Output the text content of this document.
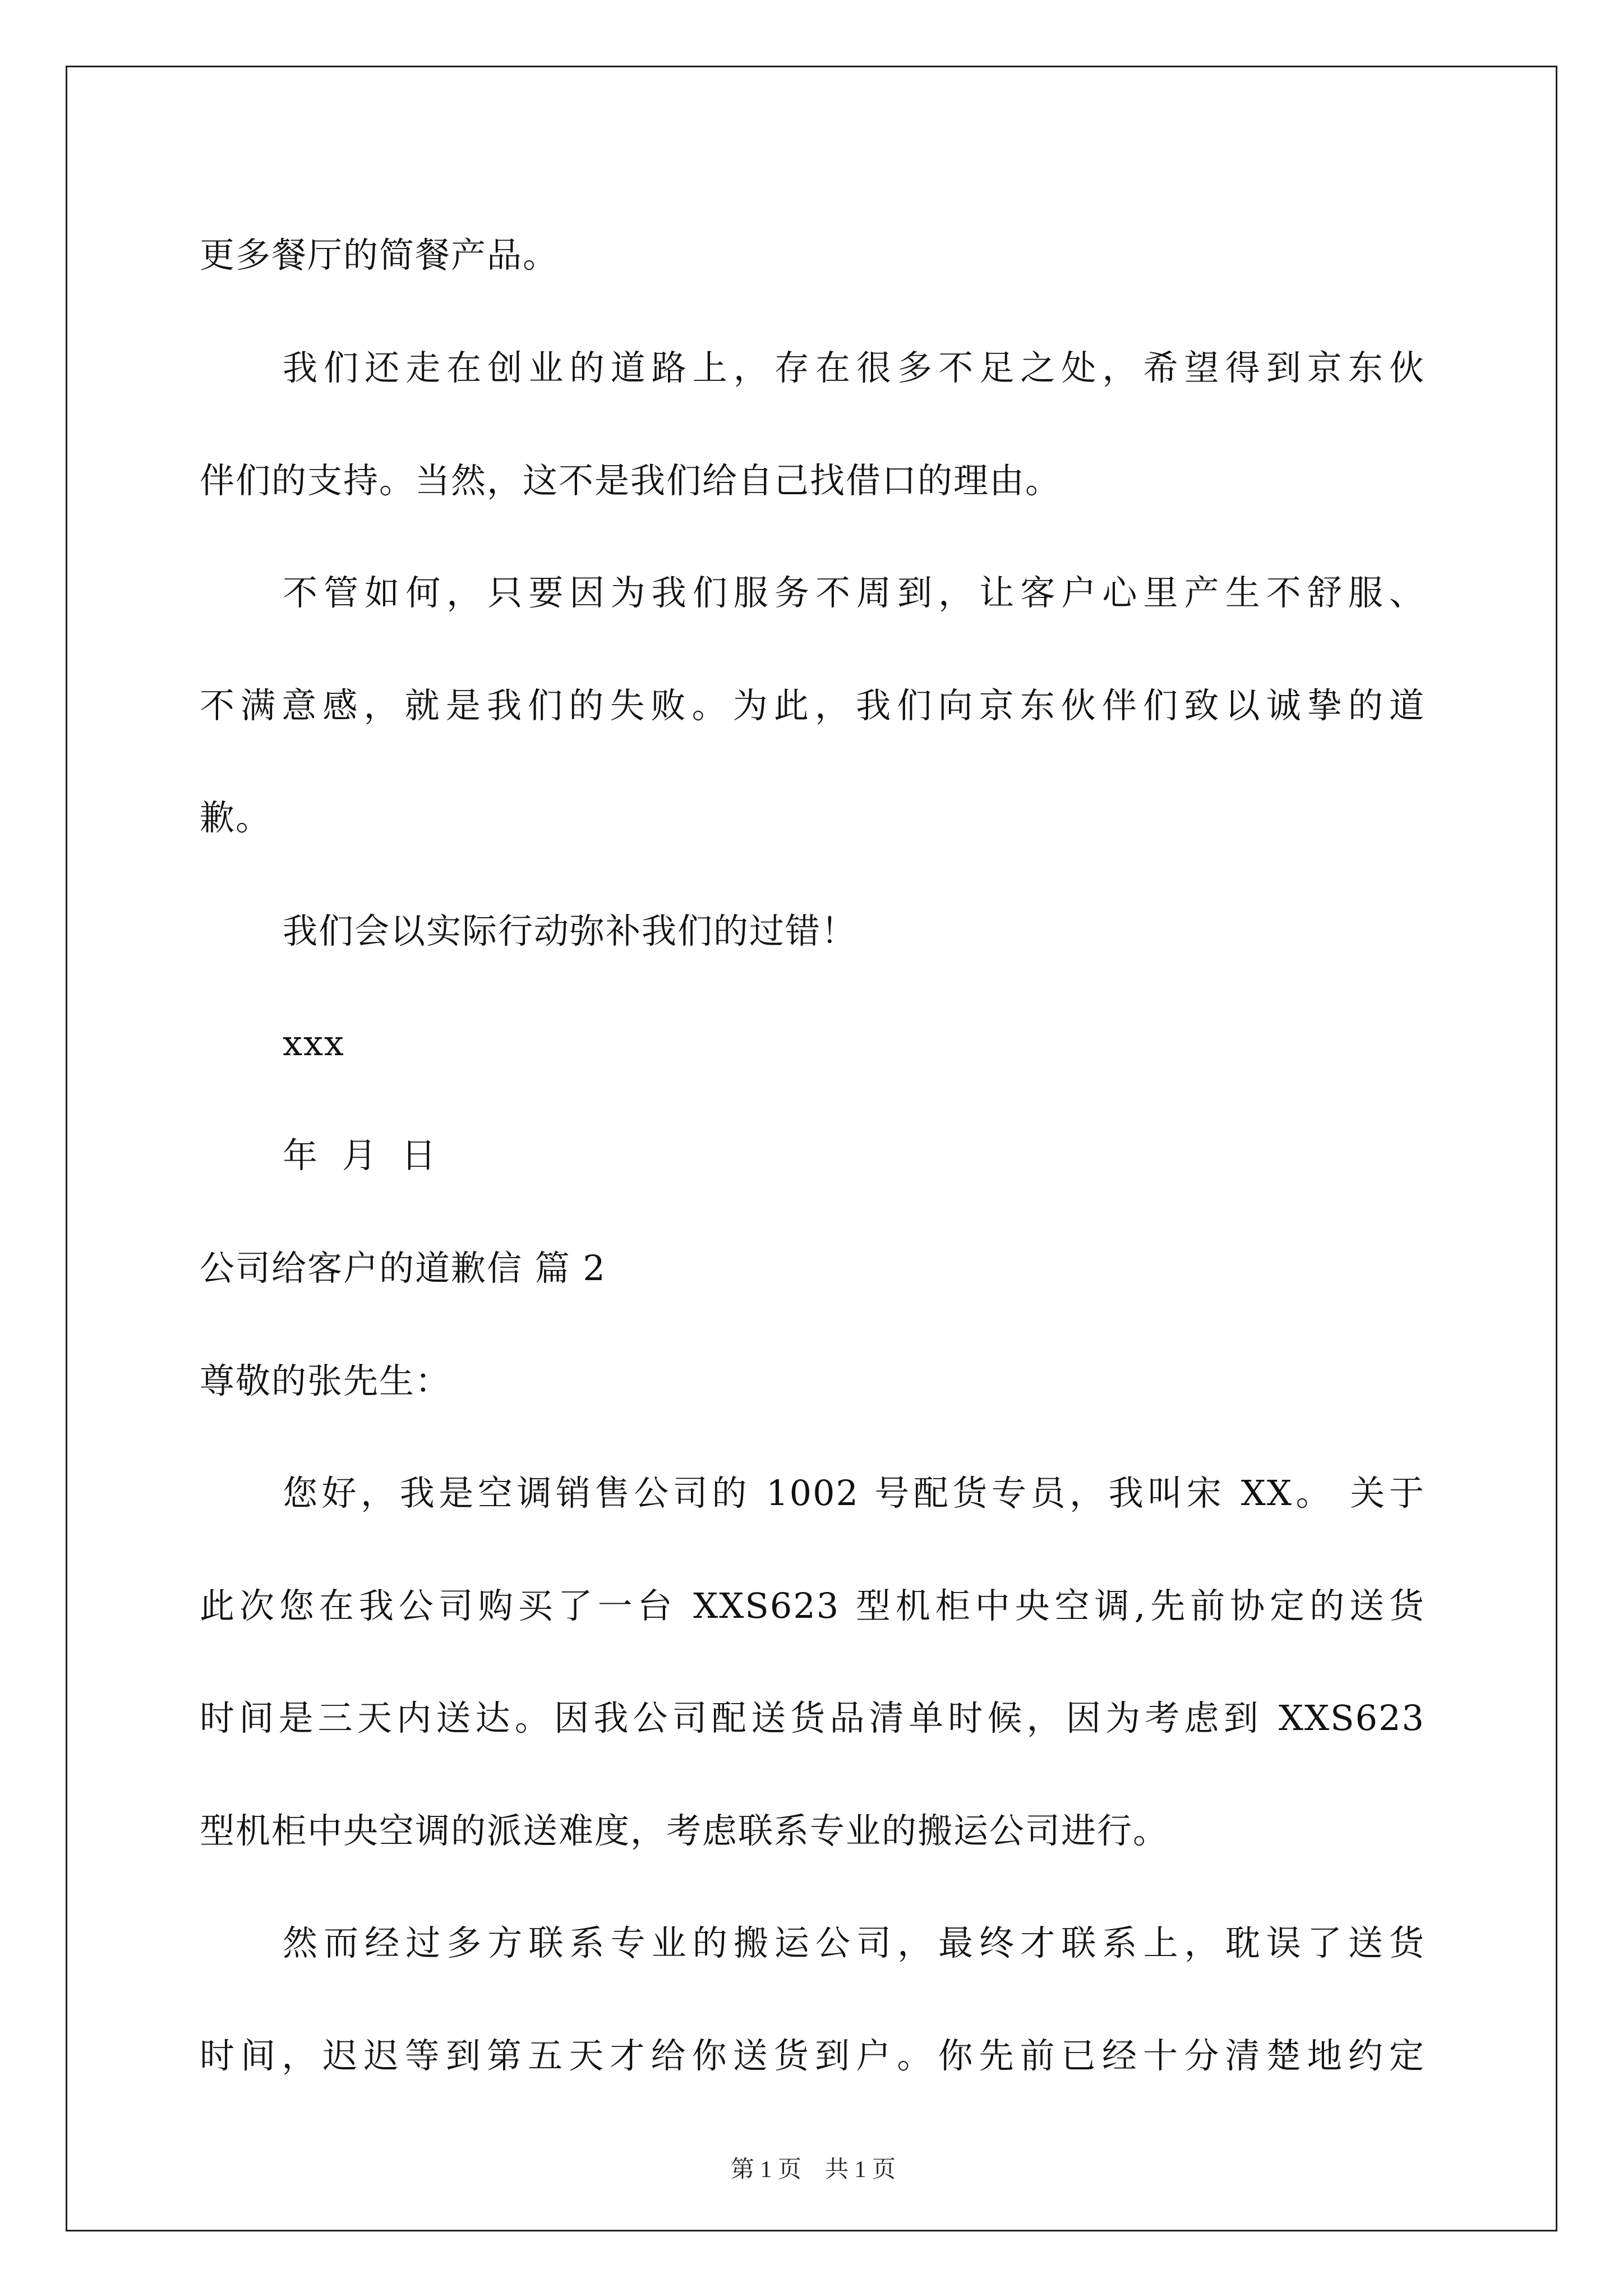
更多餐厅的简餐产品。
我们还走在创业的道路上，存在很多不足之处，希望得到京东伙
伴们的支持。当然，这不是我们给自己找借口的理由。
不管如何，只要因为我们服务不周到，让客户心里产生不舒服、
不满意感，就是我们的失败。为此，我们向京东伙伴们致以诚挚的道
歉。
我们会以实际行动弥补我们的过错！
xxx
年 月 日
公司给客户的道歉信 篇 2
尊敬的张先生：
您好，我是空调销售公司的 1002 号配货专员，我叫宋 XX。 关于
此次您在我公司购买了一台 XXS623 型机柜中央空调,先前协定的送货
时间是三天内送达。因我公司配送货品清单时候，因为考虑到 XXS623
型机柜中央空调的派送难度，考虑联系专业的搬运公司进行。
然而经过多方联系专业的搬运公司，最终才联系上，耽误了送货
时间，迟迟等到第五天才给你送货到户。你先前已经十分清楚地约定
第 1 页　共 1 页
